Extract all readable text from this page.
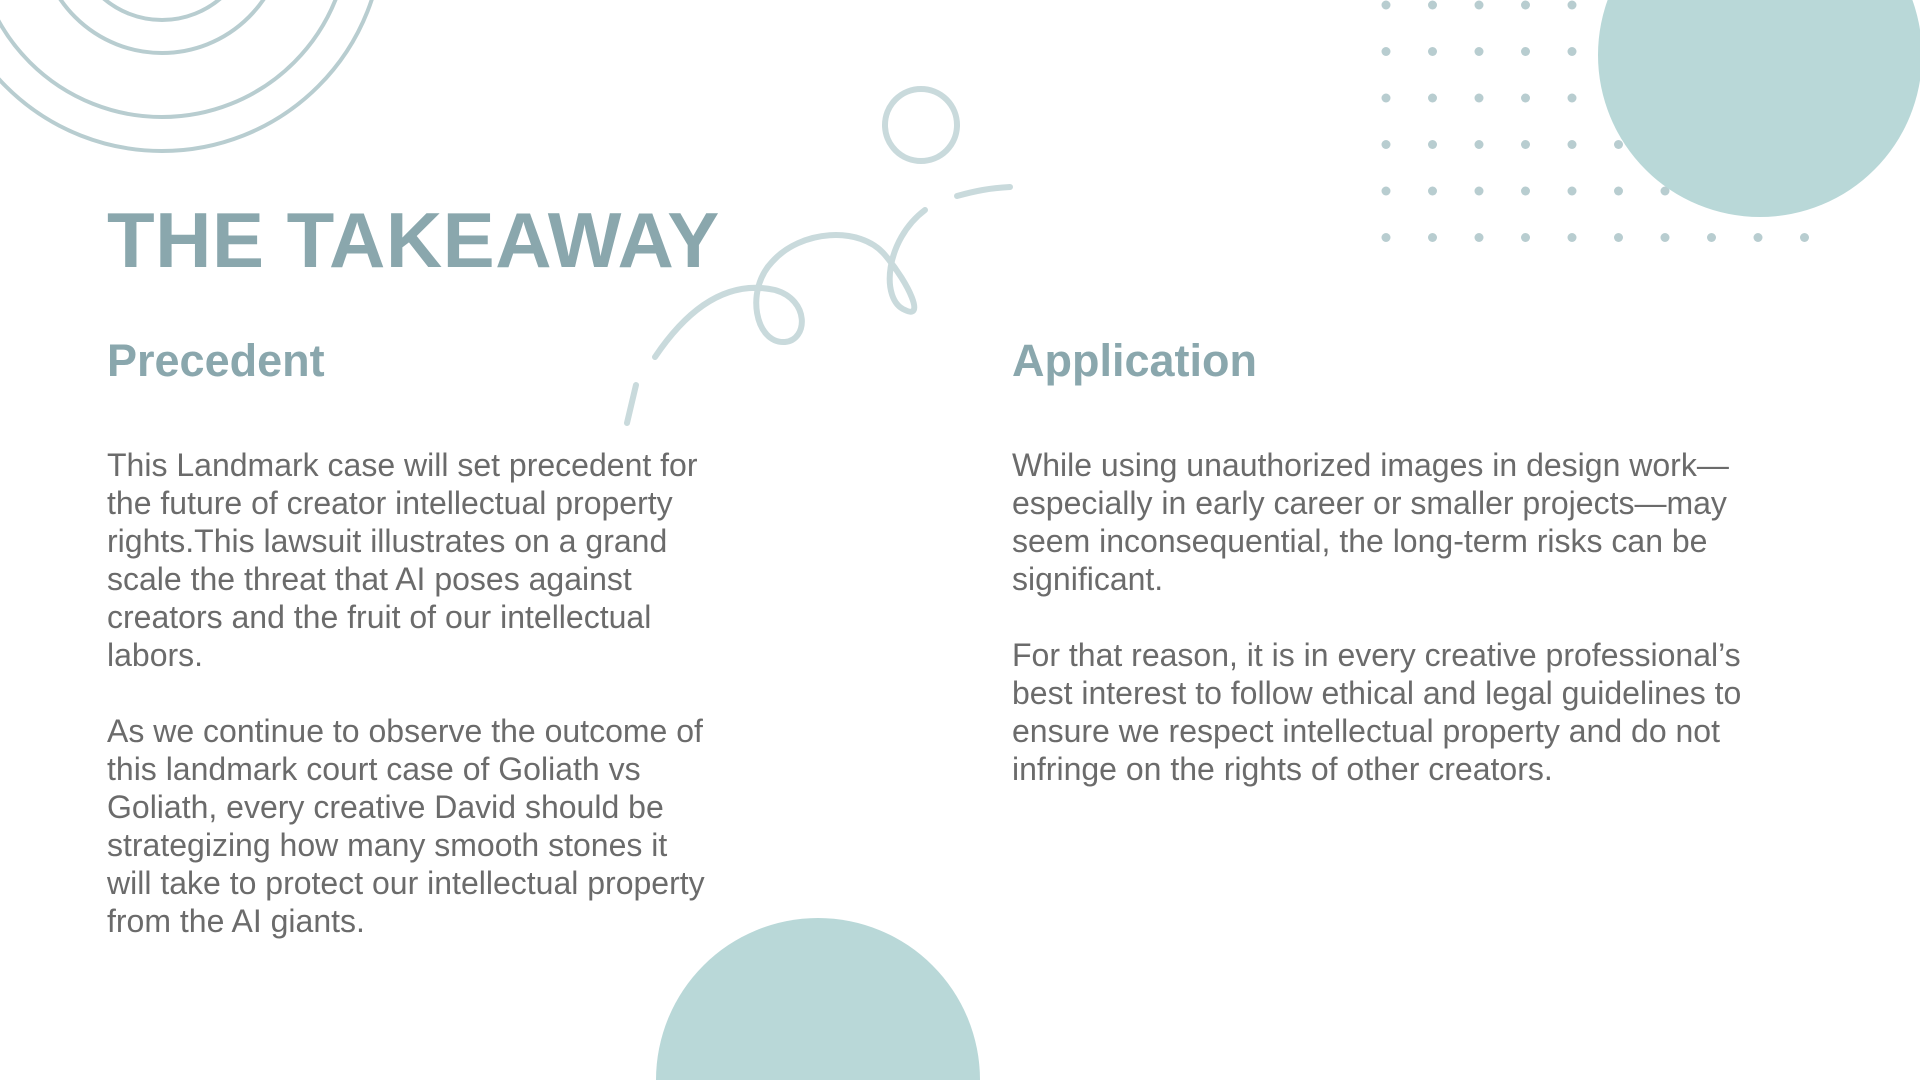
THE TAKEAWAY
Precedent

This Landmark case will set precedent for the future of creator intellectual property rights.This lawsuit illustrates on a grand scale the threat that AI poses against creators and the fruit of our intellectual labors.

As we continue to observe the outcome of this landmark court case of Goliath vs Goliath, every creative David should be strategizing how many smooth stones it will take to protect our intellectual property from the AI giants.

Application

While using unauthorized images in design work—especially in early career or smaller projects—may seem inconsequential, the long-term risks can be significant.

For that reason, it is in every creative professional’s best interest to follow ethical and legal guidelines to ensure we respect intellectual property and do not infringe on the rights of other creators.
